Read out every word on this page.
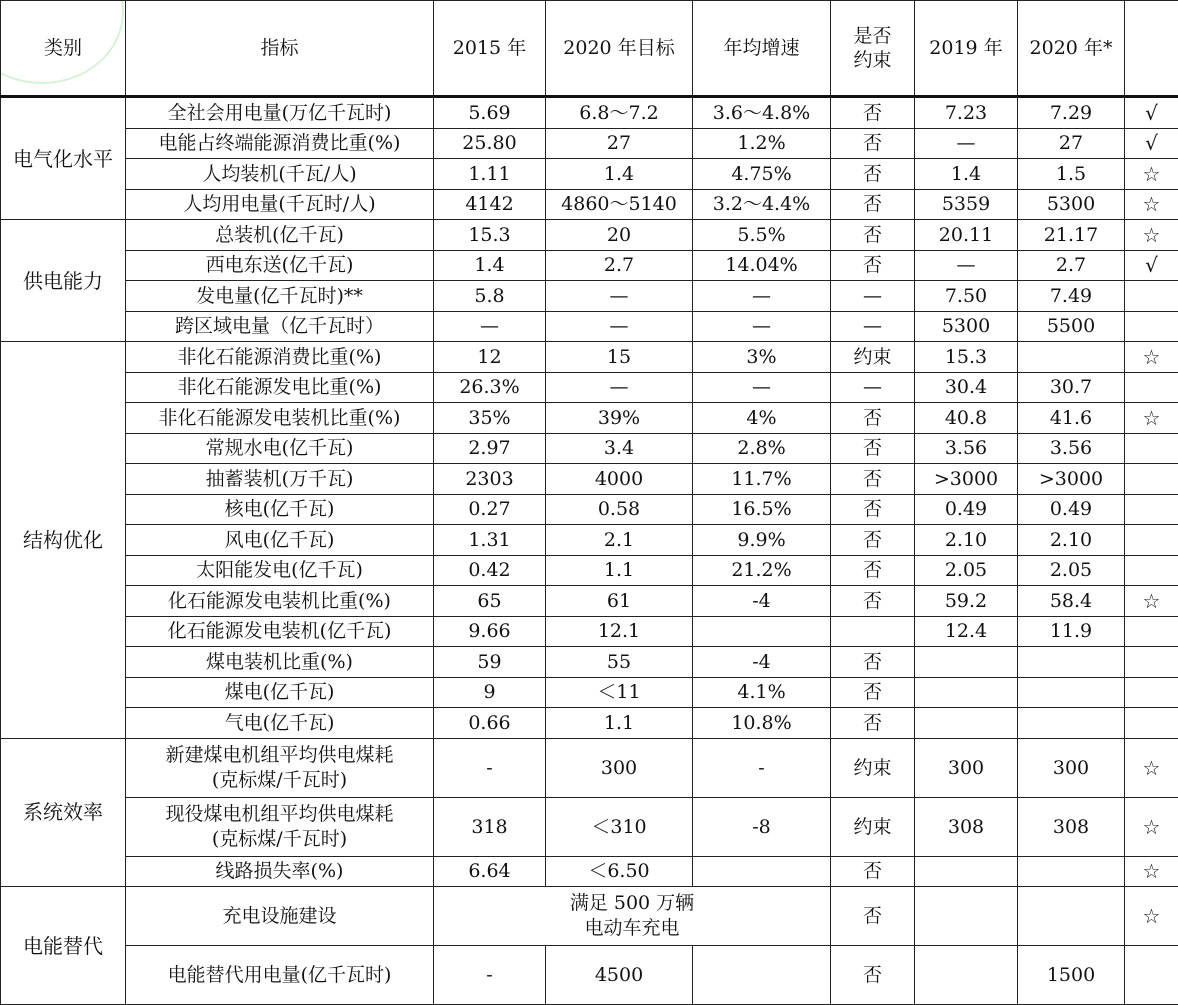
类别	指标	2015 年	2020 年目标	年均增速	是否
约束	2019 年	2020 年*	
电气化水平	全社会用电量(万亿千瓦时)	5.69	6.8～7.2	3.6～4.8%	否	7.23	7.29	√
	电能占终端能源消费比重(%)	25.80	27	1.2%	否	—	27	√
	人均装机(千瓦/人)	1.11	1.4	4.75%	否	1.4	1.5	☆
	人均用电量(千瓦时/人)	4142	4860～5140	3.2～4.4%	否	5359	5300	☆
供电能力	总装机(亿千瓦)	15.3	20	5.5%	否	20.11	21.17	☆
	西电东送(亿千瓦)	1.4	2.7	14.04%	否	—	2.7	√
	发电量(亿千瓦时)**	5.8	—	—	—	7.50	7.49	
	跨区域电量（亿千瓦时）	—	—	—	—	5300	5500	
结构优化	非化石能源消费比重(%)	12	15	3%	约束	15.3		☆
	非化石能源发电比重(%)	26.3%	—	—	—	30.4	30.7	
	非化石能源发电装机比重(%)	35%	39%	4%	否	40.8	41.6	☆
	常规水电(亿千瓦)	2.97	3.4	2.8%	否	3.56	3.56	
	抽蓄装机(万千瓦)	2303	4000	11.7%	否	>3000	>3000	
	核电(亿千瓦)	0.27	0.58	16.5%	否	0.49	0.49	
	风电(亿千瓦)	1.31	2.1	9.9%	否	2.10	2.10	
	太阳能发电(亿千瓦)	0.42	1.1	21.2%	否	2.05	2.05	
	化石能源发电装机比重(%)	65	61	-4	否	59.2	58.4	☆
	化石能源发电装机(亿千瓦)	9.66	12.1			12.4	11.9	
	煤电装机比重(%)	59	55	-4	否			
	煤电(亿千瓦)	9	＜11	4.1%	否			
	气电(亿千瓦)	0.66	1.1	10.8%	否			
系统效率	新建煤电机组平均供电煤耗
(克标煤/千瓦时)	-	300	-	约束	300	300	☆

	现役煤电机组平均供电煤耗
(克标煤/千瓦时)	318	＜310	-8	约束	308	308	☆
	线路损失率(%)	6.64	＜6.50		否			☆
电能替代	充电设施建设	满足 500 万辆
电动车充电			否			☆
	电能替代用电量(亿千瓦时)	-	4500		否		1500	
